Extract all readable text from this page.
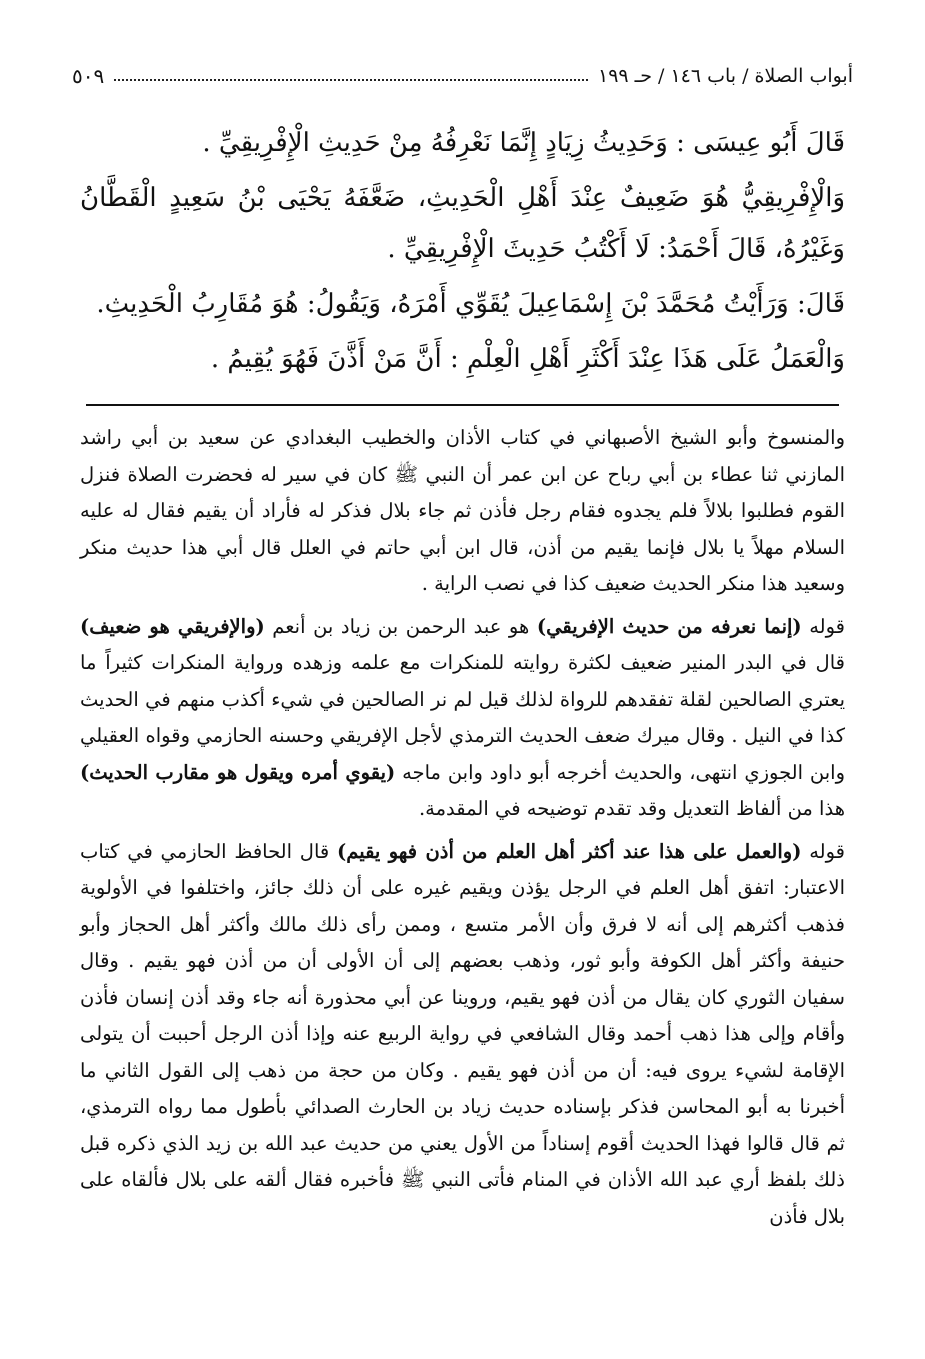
أبواب الصلاة / باب ١٤٦ / حـ ١٩٩
٥٠٩

قَالَ أَبُو عِيسَى : وَحَدِيثُ زِيَادٍ إِنَّمَا نَعْرِفُهُ مِنْ حَدِيثِ الْإِفْرِيقِيِّ .

وَالْإِفْرِيقِيُّ هُوَ ضَعِيفٌ عِنْدَ أَهْلِ الْحَدِيثِ، ضَعَّفَهُ يَحْيَى بْنُ سَعِيدٍ الْقَطَّانُ وَغَيْرُهُ، قَالَ أَحْمَدُ: لَا أَكْتُبُ حَدِيثَ الْإِفْرِيقِيِّ .

قَالَ: وَرَأَيْتُ مُحَمَّدَ بْنَ إِسْمَاعِيلَ يُقَوِّي أَمْرَهُ، وَيَقُولُ: هُوَ مُقَارِبُ الْحَدِيثِ.

وَالْعَمَلُ عَلَى هَذَا عِنْدَ أَكْثَرِ أَهْلِ الْعِلْمِ : أَنَّ مَنْ أَذَّنَ فَهُوَ يُقِيمُ .

والمنسوخ وأبو الشيخ الأصبهاني في كتاب الأذان والخطيب البغدادي عن سعيد بن أبي راشد المازني ثنا عطاء بن أبي رباح عن ابن عمر أن النبي ﷺ كان في سير له فحضرت الصلاة فنزل القوم فطلبوا بلالاً فلم يجدوه فقام رجل فأذن ثم جاء بلال فذكر له فأراد أن يقيم فقال له عليه السلام مهلاً يا بلال فإنما يقيم من أذن، قال ابن أبي حاتم في العلل قال أبي هذا حديث منكر وسعيد هذا منكر الحديث ضعيف كذا في نصب الراية .

قوله (إنما نعرفه من حديث الإفريقي) هو عبد الرحمن بن زياد بن أنعم (والإفريقي هو ضعيف) قال في البدر المنير ضعيف لكثرة روايته للمنكرات مع علمه وزهده ورواية المنكرات كثيراً ما يعتري الصالحين لقلة تفقدهم للرواة لذلك قيل لم نر الصالحين في شيء أكذب منهم في الحديث كذا في النيل . وقال ميرك ضعف الحديث الترمذي لأجل الإفريقي وحسنه الحازمي وقواه العقيلي وابن الجوزي انتهى، والحديث أخرجه أبو داود وابن ماجه (يقوي أمره ويقول هو مقارب الحديث) هذا من ألفاظ التعديل وقد تقدم توضيحه في المقدمة.

قوله (والعمل على هذا عند أكثر أهل العلم من أذن فهو يقيم) قال الحافظ الحازمي في كتاب الاعتبار: اتفق أهل العلم في الرجل يؤذن ويقيم غيره على أن ذلك جائز، واختلفوا في الأولوية فذهب أكثرهم إلى أنه لا فرق وأن الأمر متسع ، وممن رأى ذلك مالك وأكثر أهل الحجاز وأبو حنيفة وأكثر أهل الكوفة وأبو ثور، وذهب بعضهم إلى أن الأولى أن من أذن فهو يقيم . وقال سفيان الثوري كان يقال من أذن فهو يقيم، وروينا عن أبي محذورة أنه جاء وقد أذن إنسان فأذن وأقام وإلى هذا ذهب أحمد وقال الشافعي في رواية الربيع عنه وإذا أذن الرجل أحببت أن يتولى الإقامة لشيء يروى فيه: أن من أذن فهو يقيم . وكان من حجة من ذهب إلى القول الثاني ما أخبرنا به أبو المحاسن فذكر بإسناده حديث زياد بن الحارث الصدائي بأطول مما رواه الترمذي، ثم قال قالوا فهذا الحديث أقوم إسناداً من الأول يعني من حديث عبد الله بن زيد الذي ذكره قبل ذلك بلفظ أري عبد الله الأذان في المنام فأتى النبي ﷺ فأخبره فقال ألقه على بلال فألقاه على بلال فأذن
